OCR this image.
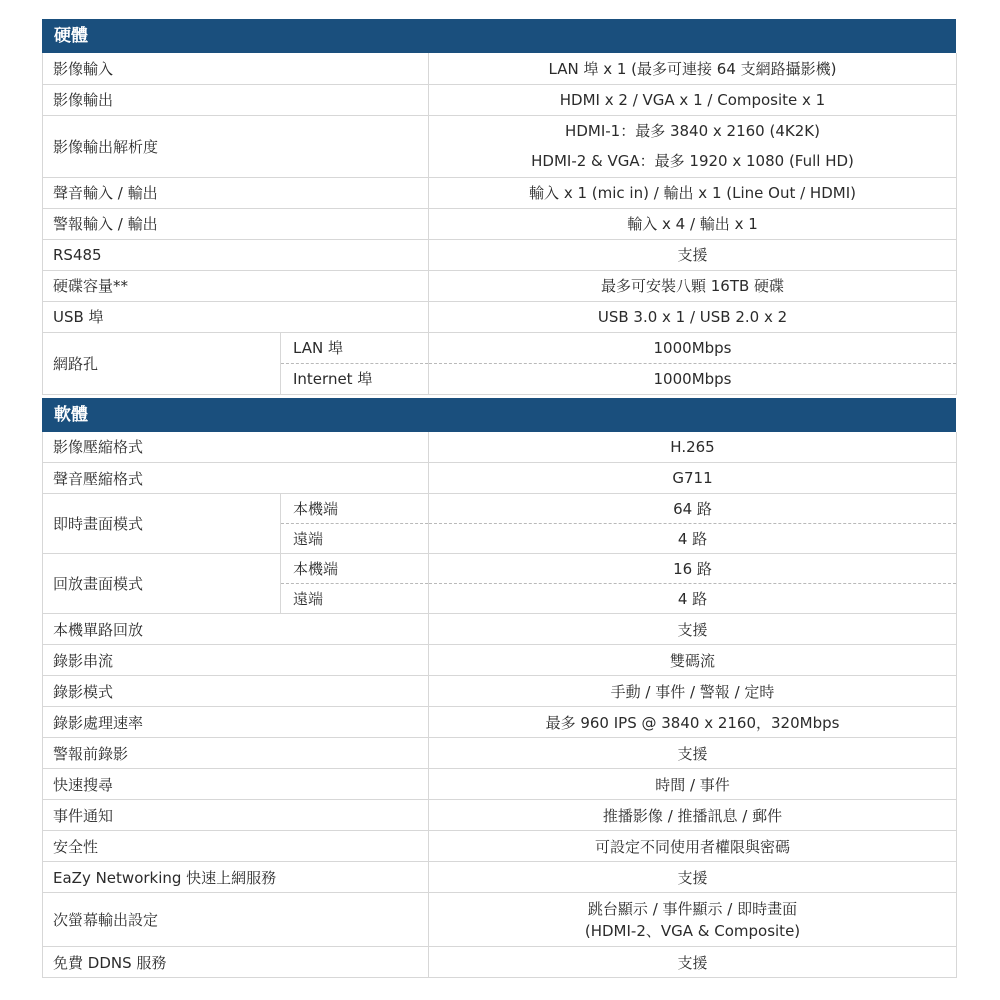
硬體
影像輸入		LAN 埠 x 1 (最多可連接 64 支網路攝影機)
影像輸出		HDMI x 2 / VGA x 1 / Composite x 1
影像輸出解析度		HDMI-1：最多 3840 x 2160 (4K2K)
HDMI-2 & VGA：最多 1920 x 1080 (Full HD)

聲音輸入 / 輸出		輸入 x 1 (mic in) / 輸出 x 1 (Line Out / HDMI)
警報輸入 / 輸出		輸入 x 4 / 輸出 x 1
RS485		支援
硬碟容量**		最多可安裝八顆 16TB 硬碟
USB 埠		USB 3.0 x 1 / USB 2.0 x 2
網路孔	LAN 埠	1000Mbps
	Internet 埠	1000Mbps
軟體
影像壓縮格式		H.265
聲音壓縮格式		G711
即時畫面模式	本機端	64 路
	遠端	4 路
回放畫面模式	本機端	16 路
	遠端	4 路
本機單路回放		支援
錄影串流		雙碼流
錄影模式		手動 / 事件 / 警報 / 定時
錄影處理速率		最多 960 IPS @ 3840 x 2160，320Mbps
警報前錄影		支援
快速搜尋		時間 / 事件
事件通知		推播影像 / 推播訊息 / 郵件
安全性		可設定不同使用者權限與密碼
EaZy Networking 快速上網服務		支援
次螢幕輸出設定		跳台顯示 / 事件顯示 / 即時畫面
(HDMI-2、VGA & Composite)

免費 DDNS 服務		支援
